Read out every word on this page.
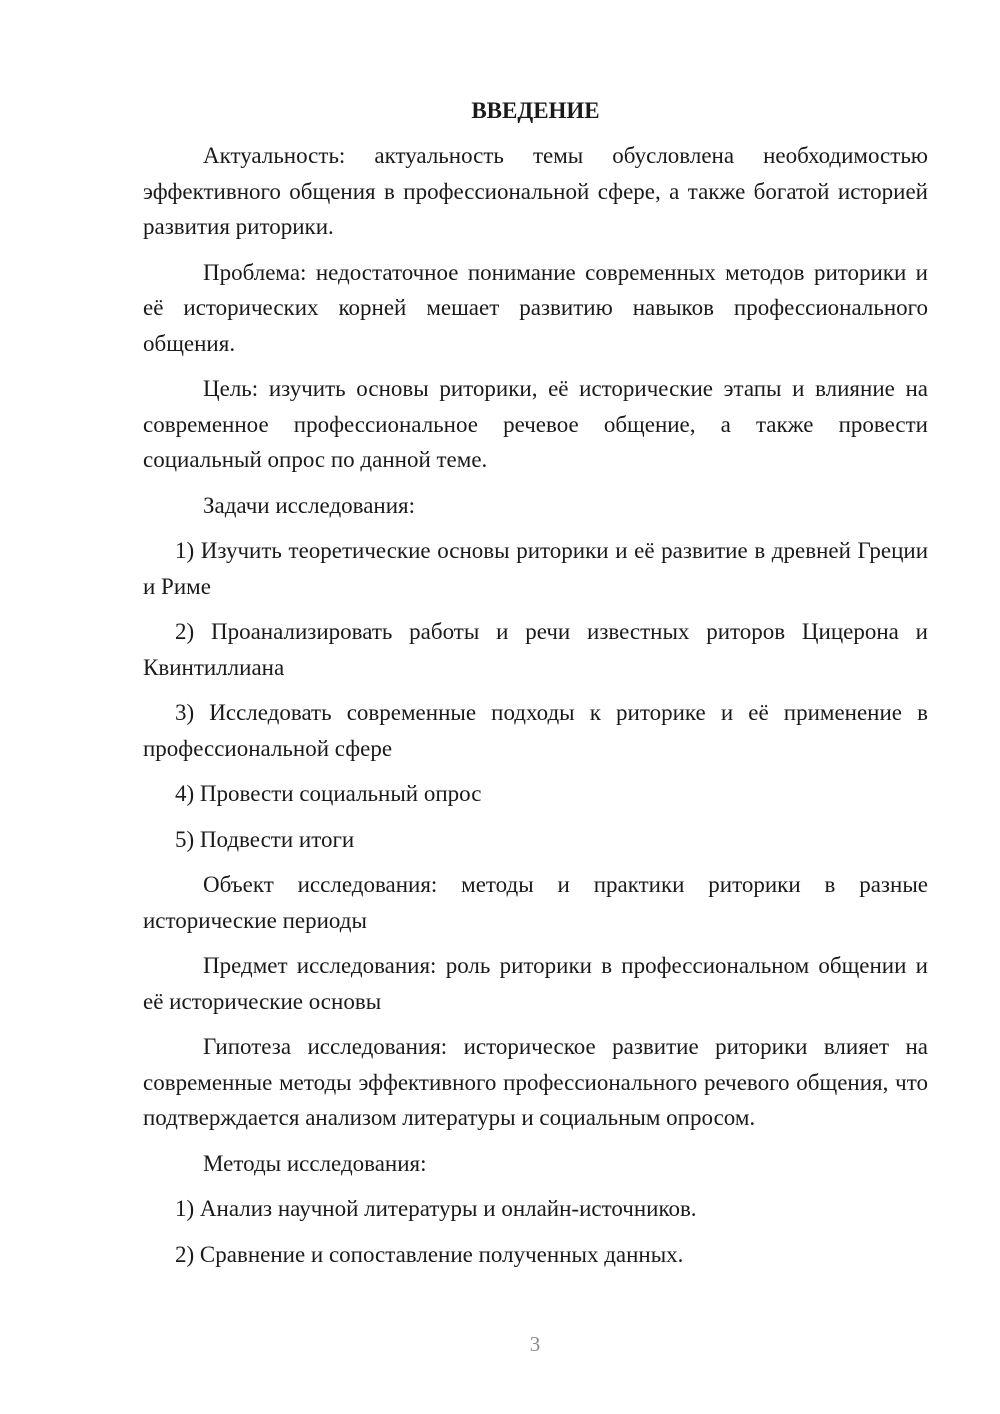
ВВЕДЕНИЕ

Актуальность: актуальность темы обусловлена необходимостью эффективного общения в профессиональной сфере, а также богатой историей развития риторики.

Проблема: недостаточное понимание современных методов риторики и её исторических корней мешает развитию навыков профессионального общения.

Цель: изучить основы риторики, её исторические этапы и влияние на современное профессиональное речевое общение, а также провести социальный опрос по данной теме.

Задачи исследования:

1) Изучить теоретические основы риторики и её развитие в древней Греции и Риме

2) Проанализировать работы и речи известных риторов Цицерона и Квинтиллиана

3) Исследовать современные подходы к риторике и её применение в профессиональной сфере

4) Провести социальный опрос

5) Подвести итоги

Объект исследования: методы и практики риторики в разные исторические периоды

Предмет исследования: роль риторики в профессиональном общении и её исторические основы

Гипотеза исследования: историческое развитие риторики влияет на современные методы эффективного профессионального речевого общения, что подтверждается анализом литературы и социальным опросом.

Методы исследования:

1) Анализ научной литературы и онлайн-источников.

2) Сравнение и сопоставление полученных данных.

3
